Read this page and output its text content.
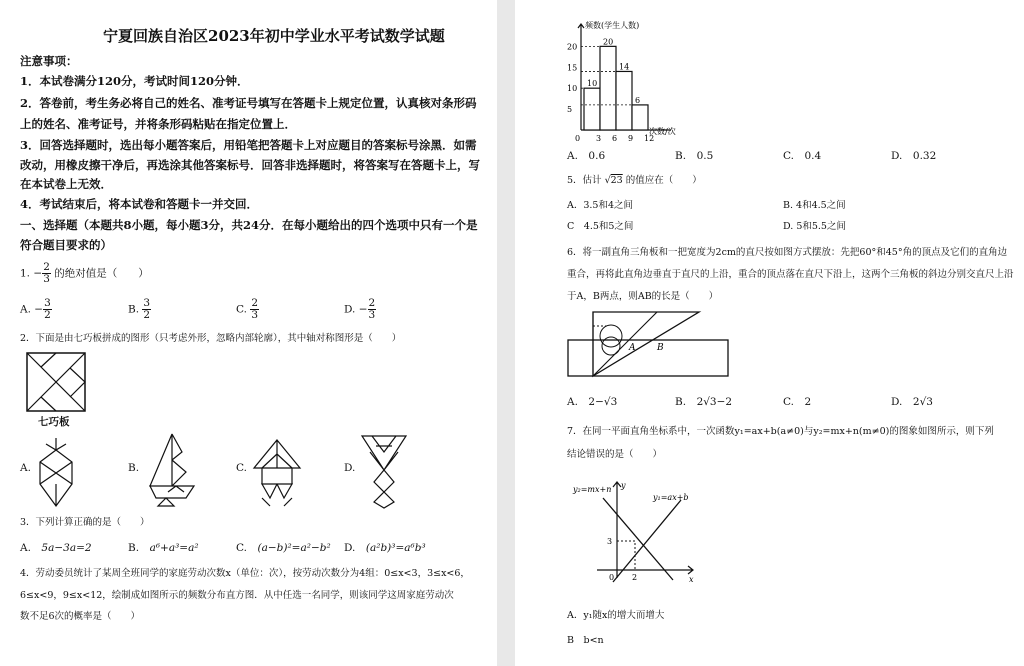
宁夏回族自治区2023年初中学业水平考试数学试题
注意事项：
1．本试卷满分120分，考试时间120分钟．
2．答卷前，考生务必将自己的姓名、准考证号填写在答题卡上规定位置，认真核对条形码
上的姓名、准考证号，并将条形码粘贴在指定位置上．
3．回答选择题时，选出每小题答案后，用铅笔把答题卡上对应题目的答案标号涂黑．如需
改动，用橡皮擦干净后，再选涂其他答案标号．回答非选择题时，将答案写在答题卡上，写
在本试卷上无效．
4．考试结束后，将本试卷和答题卡一并交回．
一、选择题（本题共8小题，每小题3分，共24分．在每小题给出的四个选项中只有一个是
符合题目要求的）
1. − $\frac{2}{3}$ 的绝对值是（　　）
A. − $\frac{3}{2}$	B. $\frac{3}{2}$	C. $\frac{2}{3}$	D. − $\frac{2}{3}$
2．下面是由七巧板拼成的图形（只考虑外形，忽略内部轮廓），其中轴对称图形是（　　）
七巧板
A.	B.	C.	D.
3．下列计算正确的是（　　）
A.　 5a−3a=2	B.　 a⁶+a³=a²	C.　 (a−b)²=a²−b² D.　 (a²b)³=a⁶b³
4．劳动委员统计了某周全班同学的家庭劳动次数x（单位：次），按劳动次数分为4组：0≤x<3，3≤x<6，
6≤x<9，9≤x<12，绘制成如图所示的频数分布直方图．从中任选一名同学，则该同学这周家庭劳动次
数不足6次的概率是（　　）
频数(学生人数)
次数/次
20
15
10
5
10
20
14
6
0 3 6 9 12
A.　 0.6	B.　 0.5	C.　 0.4	D.　 0.32
5．估计 √23 的值应在（　　）
A．3.5和4之间	B. 4和4.5之间
C　4.5和5之间	D. 5和5.5之间
6．将一副直角三角板和一把宽度为2cm的直尺按如图方式摆放：先把60°和45°角的顶点及它们的直角边
重合，再将此直角边垂直于直尺的上沿，重合的顶点落在直尺下沿上，这两个三角板的斜边分别交直尺上沿
于A，B两点，则AB的长是（　　）
A B
A.　 2−√3	B.　 2√3−2	C.　 2	D.　 2√3
7．在同一平面直角坐标系中，一次函数y₁=ax+b(a≠0)与y₂=mx+n(m≠0)的图象如图所示，则下列
结论错误的是（　　）
y₂=mx+n
y₁=ax+b
y
x
0
3
2
A．y₁随x的增大而增大
B　b<n
